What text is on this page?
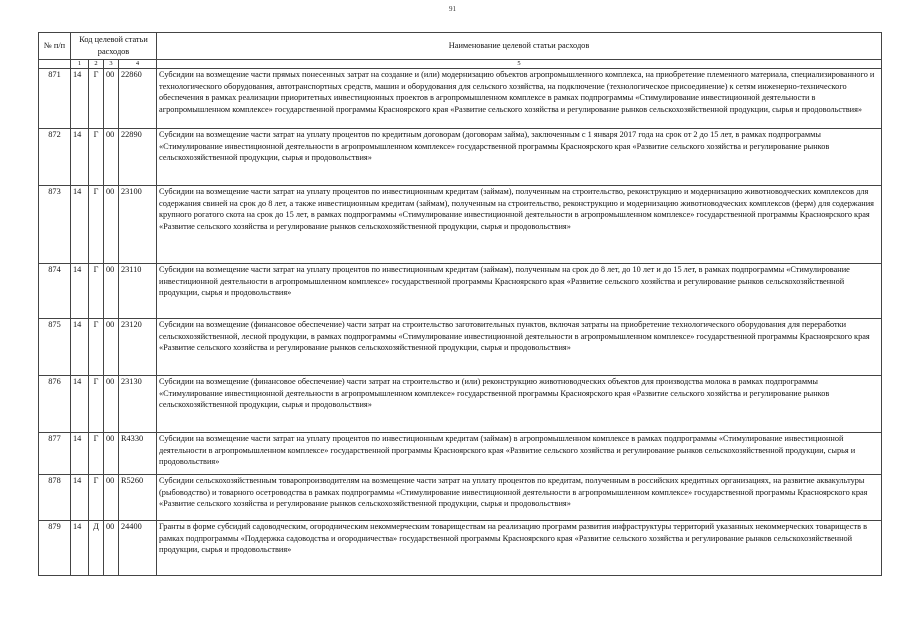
91
№ п/п	Код целевой статьи расходов				Наименование целевой статьи расходов
	1	2	3	4	5
871	14	Г	00	22860	Субсидии на возмещение части прямых понесенных затрат на создание и (или) модернизацию объектов агропромышленного комплекса, на приобретение племенного материала, специализированного и технологического оборудования, автотранспортных средств, машин и оборудования для сельского хозяйства, на подключение (технологическое присоединение) к сетям инженерно-технического обеспечения в рамках реализации приоритетных инвестиционных проектов в агропромышленном комплексе в рамках подпрограммы «Стимулирование инвестиционной деятельности в агропромышленном комплексе» государственной программы Красноярского края «Развитие сельского хозяйства и регулирование рынков сельскохозяйственной продукции, сырья и продовольствия»
872	14	Г	00	22890	Субсидии на возмещение части затрат на уплату процентов по кредитным договорам (договорам займа), заключенным с 1 января 2017 года на срок от 2 до 15 лет, в рамках подпрограммы «Стимулирование инвестиционной деятельности в агропромышленном комплексе» государственной программы Красноярского края «Развитие сельского хозяйства и регулирование рынков сельскохозяйственной продукции, сырья и продовольствия»
873	14	Г	00	23100	Субсидии на возмещение части затрат на уплату процентов по инвестиционным кредитам (займам), полученным на строительство, реконструкцию и модернизацию животноводческих комплексов для содержания свиней на срок до 8 лет, а также инвестиционным кредитам (займам), полученным на строительство, реконструкцию и модернизацию животноводческих комплексов (ферм) для содержания крупного рогатого скота на срок до 15 лет, в рамках подпрограммы «Стимулирование инвестиционной деятельности в агропромышленном комплексе» государственной программы Красноярского края «Развитие сельского хозяйства и регулирование рынков сельскохозяйственной продукции, сырья и продовольствия»
874	14	Г	00	23110	Субсидии на возмещение части затрат на уплату процентов по инвестиционным кредитам (займам), полученным на срок до 8 лет, до 10 лет и до 15 лет, в рамках подпрограммы «Стимулирование инвестиционной деятельности в агропромышленном комплексе» государственной программы Красноярского края «Развитие сельского хозяйства и регулирование рынков сельскохозяйственной продукции, сырья и продовольствия»
875	14	Г	00	23120	Субсидии на возмещение (финансовое обеспечение) части затрат на строительство заготовительных пунктов, включая затраты на приобретение технологического оборудования для переработки сельскохозяйственной, лесной продукции, в рамках подпрограммы «Стимулирование инвестиционной деятельности в агропромышленном комплексе» государственной программы Красноярского края «Развитие сельского хозяйства и регулирование рынков сельскохозяйственной продукции, сырья и продовольствия»
876	14	Г	00	23130	Субсидии на возмещение (финансовое обеспечение) части затрат на строительство и (или) реконструкцию животноводческих объектов для производства молока в рамках подпрограммы «Стимулирование инвестиционной деятельности в агропромышленном комплексе» государственной программы Красноярского края «Развитие сельского хозяйства и регулирование рынков сельскохозяйственной продукции, сырья и продовольствия»
877	14	Г	00	R4330	Субсидии на возмещение части затрат на уплату процентов по инвестиционным кредитам (займам) в агропромышленном комплексе в рамках подпрограммы «Стимулирование инвестиционной деятельности в агропромышленном комплексе» государственной программы Красноярского края «Развитие сельского хозяйства и регулирование рынков сельскохозяйственной продукции, сырья и продовольствия»
878	14	Г	00	R5260	Субсидии сельскохозяйственным товаропроизводителям на возмещение части затрат на уплату процентов по кредитам, полученным в российских кредитных организациях, на развитие аквакультуры (рыбоводство) и товарного осетроводства в рамках подпрограммы «Стимулирование инвестиционной деятельности в агропромышленном комплексе» государственной программы Красноярского края «Развитие сельского хозяйства и регулирование рынков сельскохозяйственной продукции, сырья и продовольствия»
879	14	Д	00	24400	Гранты в форме субсидий садоводческим, огородническим некоммерческим товариществам на реализацию программ развития инфраструктуры территорий указанных некоммерческих товариществ в рамках подпрограммы «Поддержка садоводства и огородничества» государственной программы Красноярского края «Развитие сельского хозяйства и регулирование рынков сельскохозяйственной продукции, сырья и продовольствия»
